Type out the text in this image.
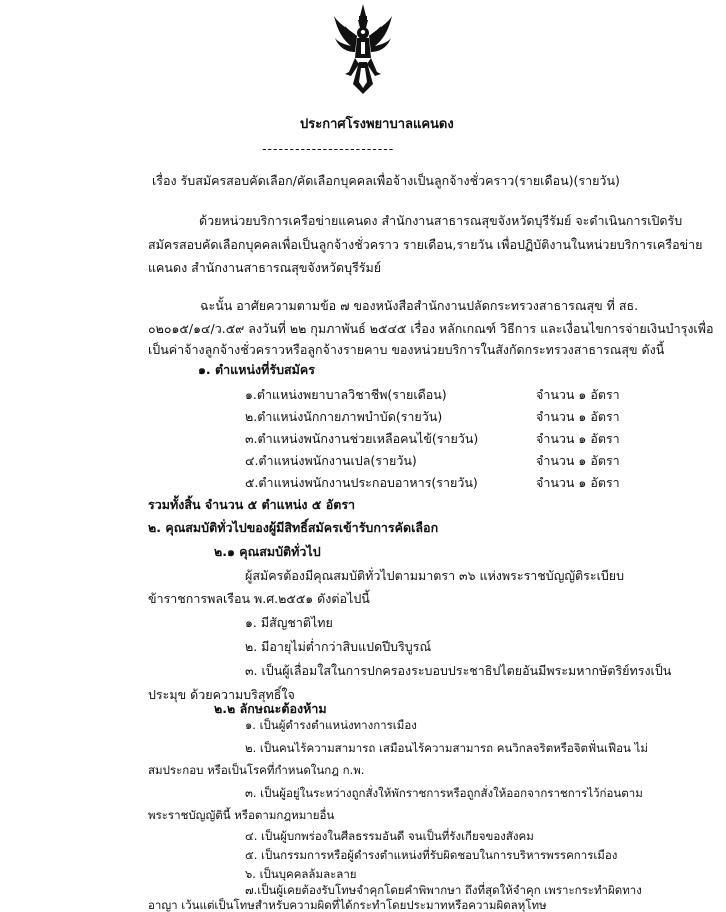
ประกาศโรงพยาบาลแคนดง
------------------------
เรื่อง รับสมัครสอบคัดเลือก/คัดเลือกบุคคลเพื่อจ้างเป็นลูกจ้างชั่วคราว(รายเดือน)(รายวัน)
ด้วยหน่วยบริการเครือข่ายแคนดง สำนักงานสาธารณสุขจังหวัดบุรีรัมย์ จะดำเนินการเปิดรับ
สมัครสอบคัดเลือกบุคคลเพื่อเป็นลูกจ้างชั่วคราว รายเดือน,รายวัน เพื่อปฏิบัติงานในหน่วยบริการเครือข่าย
แคนดง สำนักงานสาธารณสุขจังหวัดบุรีรัมย์
ฉะนั้น อาศัยความตามข้อ ๗ ของหนังสือสำนักงานปลัดกระทรวงสาธารณสุข ที่ สธ.
๐๒๐๑๕/๑๔/ว.๕๙ ลงวันที่ ๒๒ กุมภาพันธ์ ๒๕๔๕ เรื่อง หลักเกณฑ์ วิธีการ และเงื่อนไขการจ่ายเงินบำรุงเพื่อ
เป็นค่าจ้างลูกจ้างชั่วคราวหรือลูกจ้างรายคาบ ของหน่วยบริการในสังกัดกระทรวงสาธารณสุข ดังนี้
๑. ตำแหน่งที่รับสมัคร
๑.ตำแหน่งพยาบาลวิชาชีพ(รายเดือน)	จำนวน ๑ อัตรา
๒.ตำแหน่งนักกายภาพบำบัด(รายวัน)	จำนวน ๑ อัตรา
๓.ตำแหน่งพนักงานช่วยเหลือคนไข้(รายวัน)	จำนวน ๑ อัตรา
๔.ตำแหน่งพนักงานเปล(รายวัน)	จำนวน ๑ อัตรา
๕.ตำแหน่งพนักงานประกอบอาหาร(รายวัน)	จำนวน ๑ อัตรา
รวมทั้งสิ้น จำนวน ๕ ตำแหน่ง ๕ อัตรา
๒. คุณสมบัติทั่วไปของผู้มีสิทธิ์สมัครเข้ารับการคัดเลือก
๒.๑ คุณสมบัติทั่วไป
ผู้สมัครต้องมีคุณสมบัติทั่วไปตามมาตรา ๓๖ แห่งพระราชบัญญัติระเบียบ
ข้าราชการพลเรือน พ.ศ.๒๕๕๑ ดังต่อไปนี้
๑. มีสัญชาติไทย
๒. มีอายุไม่ต่ำกว่าสิบแปดปีบริบูรณ์
๓. เป็นผู้เลื่อมใสในการปกครองระบอบประชาธิปไตยอันมีพระมหากษัตริย์ทรงเป็น
ประมุข ด้วยความบริสุทธิ์ใจ
๒.๒ ลักษณะต้องห้าม
๑. เป็นผู้ดำรงตำแหน่งทางการเมือง
๒. เป็นคนไร้ความสามารถ เสมือนไร้ความสามารถ คนวิกลจริตหรือจิตฟั่นเฟือน ไม่
สมประกอบ หรือเป็นโรคที่กำหนดในกฎ ก.พ.
๓. เป็นผู้อยู่ในระหว่างถูกสั่งให้พักราชการหรือถูกสั่งให้ออกจากราชการไว้ก่อนตาม
พระราชบัญญัตินี้ หรือตามกฎหมายอื่น
๔. เป็นผู้บกพร่องในศีลธรรมอันดี จนเป็นที่รังเกียจของสังคม
๕. เป็นกรรมการหรือผู้ดำรงตำแหน่งที่รับผิดชอบในการบริหารพรรคการเมือง
๖. เป็นบุคคลล้มละลาย
๗.เป็นผู้เคยต้องรับโทษจำคุกโดยคำพิพากษา ถึงที่สุดให้จำคุก เพราะกระทำผิดทาง
อาญา เว้นแต่เป็นโทษสำหรับความผิดที่ได้กระทำโดยประมาทหรือความผิดลหุโทษ
